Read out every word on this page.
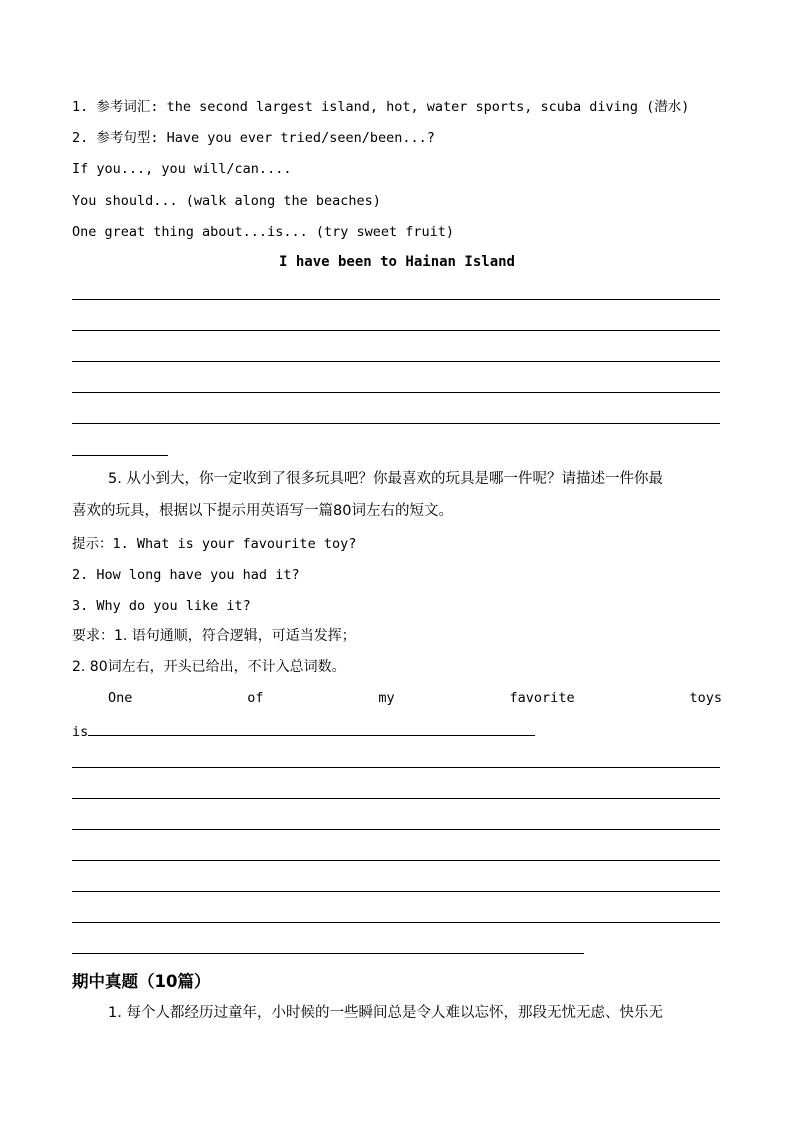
1. 参考词汇: the second largest island, hot, water sports, scuba diving (潜水)
2. 参考句型: Have you ever tried/seen/been...?
If you..., you will/can....
You should... (walk along the beaches)
One great thing about...is... (try sweet fruit)
I have been to Hainan Island
5. 从小到大，你一定收到了很多玩具吧？你最喜欢的玩具是哪一件呢？请描述一件你最
喜欢的玩具，根据以下提示用英语写一篇80词左右的短文。
提示：1. What is your favourite toy?
2. How long have you had it?
3. Why do you like it?
要求：1. 语句通顺，符合逻辑，可适当发挥；
2. 80词左右，开头已给出，不计入总词数。
One	of	my	favorite	toys
is
期中真题（10篇）
1. 每个人都经历过童年，小时候的一些瞬间总是令人难以忘怀，那段无忧无虑、快乐无
